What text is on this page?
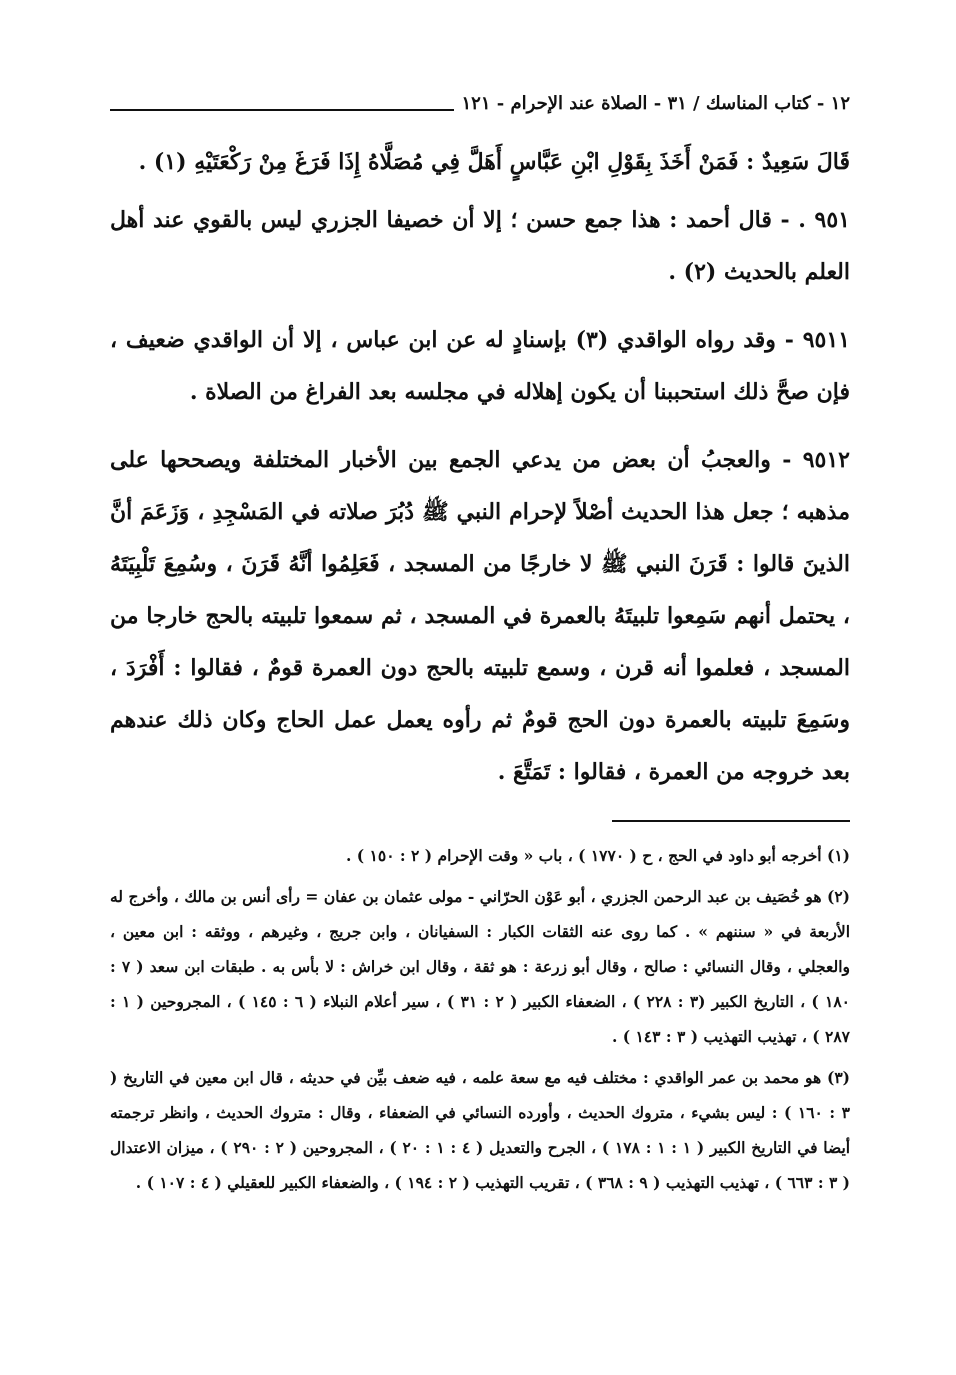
١٢ - كتاب المناسك / ٣١ - الصلاة عند الإحرام - ١٢١

قَالَ سَعِيدٌ : فَمَنْ أَخَذَ بِقَوْلِ ابْنِ عَبَّاسٍ أَهَلَّ فِي مُصَلَّاهُ إِذَا فَرَغَ مِنْ رَكْعَتَيْهِ (١) .

٩٥١ . - قال أحمد : هذا جمع حسن ؛ إلا أن خصيفا الجزري ليس بالقوي عند أهل العلم بالحديث (٢) .

٩٥١١ - وقد رواه الواقدي (٣) بإسنادٍ له عن ابن عباس ، إلا أن الواقدي ضعيف ، فإن صحَّ ذلك استحببنا أن يكون إهلاله في مجلسه بعد الفراغ من الصلاة .

٩٥١٢ - والعجبُ أن بعض من يدعي الجمع بين الأخبار المختلفة ويصححها على مذهبه ؛ جعل هذا الحديث أصْلاً لإحرام النبي ﷺ دُبُرَ صلاته في المَسْجِدِ ، وَزَعَمَ أنَّ الذينَ قالوا : قَرَنَ النبي ﷺ لا خارجًا من المسجد ، فَعَلِمُوا أنَّهُ قَرَنَ ، وسُمِعَ تَلْبِيَتَهُ ، يحتمل أنهم سَمِعوا تلبيتَهُ بالعمرة في المسجد ، ثم سمعوا تلبيته بالحج خارجا من المسجد ، فعلموا أنه قرن ، وسمع تلبيته بالحج دون العمرة قومٌ ، فقالوا : أَفْرَدَ ، وسَمِعَ تلبيته بالعمرة دون الحج قومٌ ثم رأوه يعمل عمل الحاج وكان ذلك عندهم بعد خروجه من العمرة ، فقالوا : تَمَتَّعَ .

(١) أخرجه أبو داود في الحج ، ح ( ١٧٧٠ ) ، باب « وقت الإحرام ( ٢ : ١٥٠ ) .

(٢) هو خُصَيف بن عبد الرحمن الجزري ، أبو عَوْن الحرّاني - مولى عثمان بن عفان = رأى أنس بن مالك ، وأخرج له الأربعة في « سننهم » . كما روى عنه الثقات الكبار : السفيانان ، وابن جريج ، وغيرهم ، ووثقه : ابن معين ، والعجلي ، وقال النسائي : صالح ، وقال أبو زرعة : هو ثقة ، وقال ابن خراش : لا بأس به . طبقات ابن سعد ( ٧ : ١٨٠ ) ، التاريخ الكبير (٣ : ٢٢٨ ) ، الضعفاء الكبير ( ٢ : ٣١ ) ، سير أعلام النبلاء ( ٦ : ١٤٥ ) ، المجروحين ( ١ : ٢٨٧ ) ، تهذيب التهذيب ( ٣ : ١٤٣ ) .

(٣) هو محمد بن عمر الواقدي : مختلف فيه مع سعة علمه ، فيه ضعف بيِّن في حديثه ، قال ابن معين في التاريخ ( ٣ : ١٦٠ ) : ليس بشيء ، متروك الحديث ، وأورده النسائي في الضعفاء ، وقال : متروك الحديث ، وانظر ترجمته أيضا في التاريخ الكبير ( ١ : ١ : ١٧٨ ) ، الجرح والتعديل ( ٤ : ١ : ٢٠ ) ، المجروحين ( ٢ : ٢٩٠ ) ، ميزان الاعتدال ( ٣ : ٦٦٣ ) ، تهذيب التهذيب ( ٩ : ٣٦٨ ) ، تقريب التهذيب ( ٢ : ١٩٤ ) ، والضعفاء الكبير للعقيلي ( ٤ : ١٠٧ ) .
